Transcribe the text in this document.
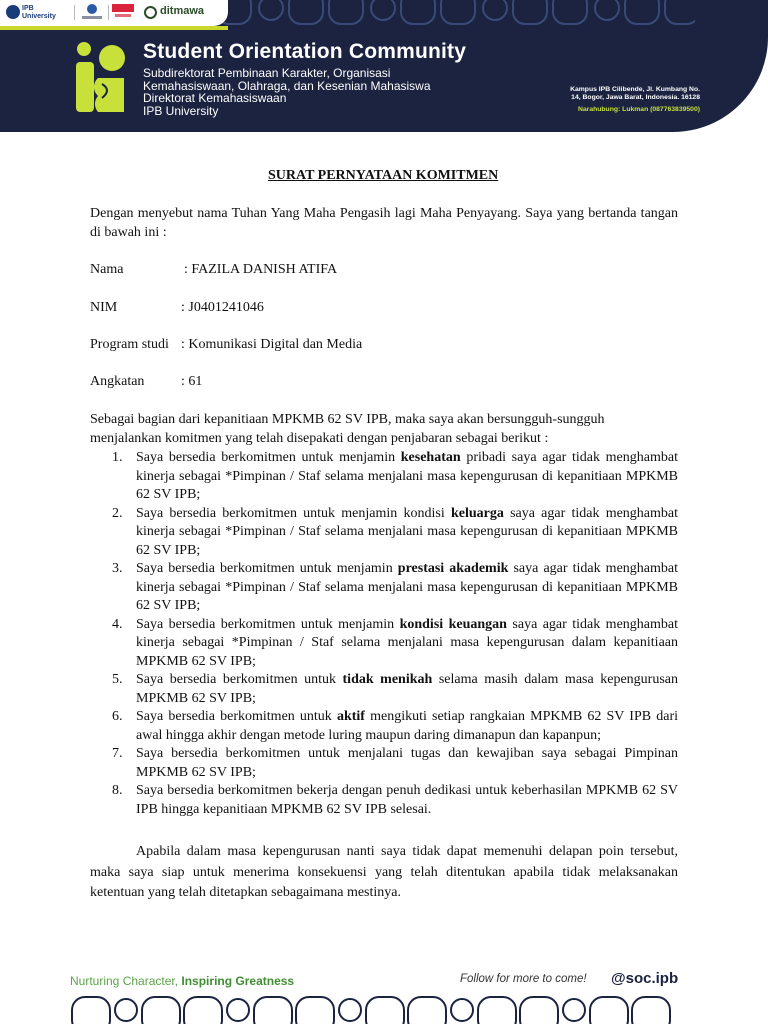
IPB University	ditmawa
Student Orientation Community
Subdirektorat Pembinaan Karakter, Organisasi
Kemahasiswaan, Olahraga, dan Kesenian Mahasiswa
Direktorat Kemahasiswaan
IPB University
Kampus IPB Cilibende, Jl. Kumbang No.
14, Bogor, Jawa Barat, Indonesia. 16128
Narahubung: Lukman (087763839500)
SURAT PERNYATAAN KOMITMEN

Dengan menyebut nama Tuhan Yang Maha Pengasih lagi Maha Penyayang. Saya yang bertanda tangan di bawah ini :

Nama	: FAZILA DANISH ATIFA
NIM	: J0401241046
Program studi : Komunikasi Digital dan Media
Angkatan	: 61

Sebagai bagian dari kepanitiaan MPKMB 62 SV IPB, maka saya akan bersungguh-sungguh menjalankan komitmen yang telah disepakati dengan penjabaran sebagai berikut :

1. Saya bersedia berkomitmen untuk menjamin kesehatan pribadi saya agar tidak menghambat kinerja sebagai *Pimpinan / Staf selama menjalani masa kepengurusan di kepanitiaan MPKMB 62 SV IPB;
2. Saya bersedia berkomitmen untuk menjamin kondisi keluarga saya agar tidak menghambat kinerja sebagai *Pimpinan / Staf selama menjalani masa kepengurusan di kepanitiaan MPKMB 62 SV IPB;
3. Saya bersedia berkomitmen untuk menjamin prestasi akademik saya agar tidak menghambat kinerja sebagai *Pimpinan / Staf selama menjalani masa kepengurusan di kepanitiaan MPKMB 62 SV IPB;
4. Saya bersedia berkomitmen untuk menjamin kondisi keuangan saya agar tidak menghambat kinerja sebagai *Pimpinan / Staf selama menjalani masa kepengurusan dalam kepanitiaan MPKMB 62 SV IPB;
5. Saya bersedia berkomitmen untuk tidak menikah selama masih dalam masa kepengurusan MPKMB 62 SV IPB;
6. Saya bersedia berkomitmen untuk aktif mengikuti setiap rangkaian MPKMB 62 SV IPB dari awal hingga akhir dengan metode luring maupun daring dimanapun dan kapanpun;
7. Saya bersedia berkomitmen untuk menjalani tugas dan kewajiban saya sebagai Pimpinan MPKMB 62 SV IPB;
8. Saya bersedia berkomitmen bekerja dengan penuh dedikasi untuk keberhasilan MPKMB 62 SV IPB hingga kepanitiaan MPKMB 62 SV IPB selesai.

Apabila dalam masa kepengurusan nanti saya tidak dapat memenuhi delapan poin tersebut, maka saya siap untuk menerima konsekuensi yang telah ditentukan apabila tidak melaksanakan ketentuan yang telah ditetapkan sebagaimana mestinya.

Nurturing Character, Inspiring Greatness	Follow for more to come! @soc.ipb
